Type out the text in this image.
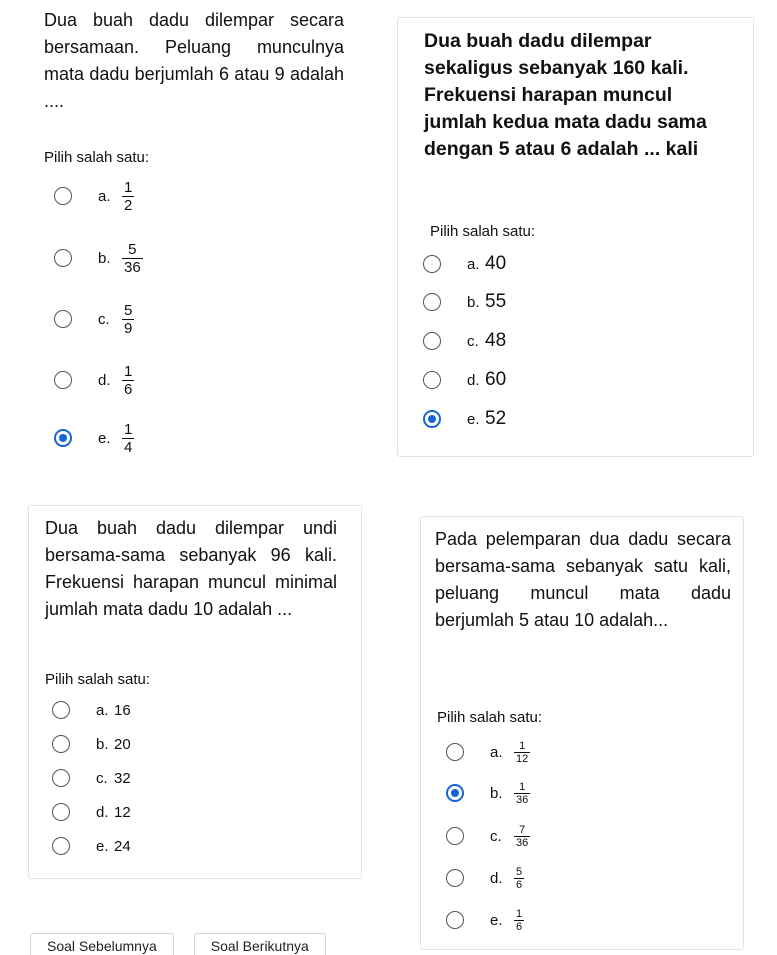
Dua buah dadu dilempar secara bersamaan. Peluang munculnya mata dadu berjumlah 6 atau 9 adalah ....

Pilih salah satu:

a. $\frac{1}{2}$
b. $\frac{5}{36}$
c. $\frac{5}{9}$
d. $\frac{1}{6}$
e. $\frac{1}{4}$

Dua buah dadu dilempar sekaligus sebanyak 160 kali. Frekuensi harapan muncul jumlah kedua mata dadu sama dengan 5 atau 6 adalah ... kali

Pilih salah satu:

a. 40
b. 55
c. 48
d. 60
e. 52

Dua buah dadu dilempar undi bersama-sama sebanyak 96 kali. Frekuensi harapan muncul minimal jumlah mata dadu 10 adalah ...

Pilih salah satu:

a. 16
b. 20
c. 32
d. 12
e. 24

Pada pelemparan dua dadu secara bersama-sama sebanyak satu kali, peluang muncul mata dadu berjumlah 5 atau 10 adalah...

Pilih salah satu:

a.	$\frac{1}{12}$
b.	$\frac{1}{36}$
c.	$\frac{7}{36}$
d.	$\frac{5}{6}$
e.	$\frac{1}{6}$
Soal Sebelumnya	Soal Berikutnya
